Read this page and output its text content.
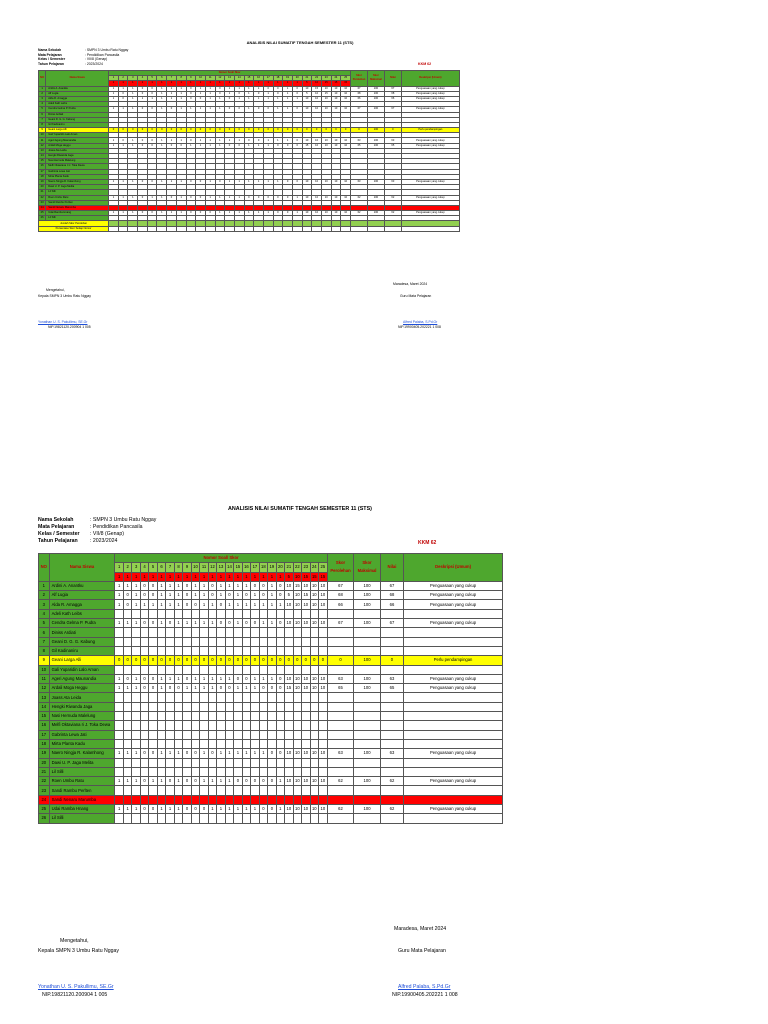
ANALISIS NILAI SUMATIF TENGAH SEMESTER 11 (STS)
Nama Sekolah	: SMPN 3 Umbu Ratu Nggay
Mata Pelajaran	: Pendidikan Pancasila
Kelas / Semester	: VII/8 (Genap)
Tahun Pelajaran	: 2023/2024	KKM 62
NO	Nama Siswa	Nomor Soal/ Skor																									Skor Perolehan	Skor Maksimal	Nilai	Deskripsi (Umum)
		1	2	3	4	5	6	7	8	9	10	11	12	13	14	15	16	17	18	19	20	21	22	23	24	25				
		1	1	1	1	1	1	1	1	1	1	1	1	1	1	1	1	1	1	1	1	5	10	15	15	15				
1	Ardini A. Anantku	1	1	1	0	0	1	1	1	0	1	1	0	1	1	1	1	0	0	1	0	10	15	10	10	10	67	100	67	Penguasaan yang cukup
2	Alf Lugia	1	0	1	0	0	1	1	1	0	1	1	0	1	0	1	0	1	0	1	0	5	10	15	10	10	68	100	68	Penguasaan yang cukup
3	Alda R. Amagga	1	0	1	1	1	1	1	1	0	0	1	1	0	1	1	1	1	1	1	1	10	10	10	10	10	66	100	66	Penguasaan yang cukup
4	Adeli Kath Leibs																													
5	Cendra Gelma P. Pudra	1	1	1	0	0	1	0	1	1	1	1	1	0	0	1	0	0	1	1	0	10	10	10	10	10	67	100	67	Penguasaan yang cukup
6	Diniss Ardiati																													
7	Geani D. G. G. Kabung																													
8	Gil Kadinaniru																													
9	Geani Larga Alli	0	0	0	0	0	0	0	0	0	0	0	0	0	0	0	0	0	0	0	0	0	0	0	0	0	0	100	0	Perlu pendampingan
10	Gali Yuparidin Lalo Aman																													
11	Ageri Agung Maunandia	1	0	1	0	0	1	1	1	0	1	1	1	1	1	0	0	1	1	1	0	10	10	10	10	10	63	100	63	Penguasaan yang cukup
12	Ardali Moga Heggu	1	1	1	0	0	1	0	0	1	1	1	1	0	0	1	1	1	0	0	0	15	10	10	10	10	65	100	65	Penguasaan yang cukup
13	Joass Ata Leida																													
14	Hengki Riwanda Jaga																													
15	Nasi Hernuda Malelung																													
16	Melfi Oktaviana ri J. Toka Dewa																													
17	Gabrinta Lewa Jati																													
18	Mirta Planta Kadu																													
19	Naero Ningja R. Kalamhong	1	1	1	0	0	1	1	1	0	0	1	0	1	1	1	1	1	1	0	0	10	10	10	10	10	63	100	63	Penguasaan yang cukup
20	Dawi U. P. Jaga Melita																													
21	Lil Silli																													
22	Roen Umbu Ratu	1	1	1	0	1	1	0	1	0	0	1	1	1	1	0	0	0	0	0	1	10	10	10	10	10	62	100	62	Penguasaan yang cukup
23	Sandi Rambu Perlten																													
24	Sandi Nenaru Marumba																													
25	Udai Ramba Hnang	1	1	1	0	0	1	1	1	0	0	0	1	1	1	1	1	1	0	0	1	10	10	10	10	10	62	100	62	Penguasaan yang cukup
26	Lil Silli																													
Jumlah Skor Perolehan																														
Persentase Skor Setiap Nomor																														
Maradesa, Maret 2024
Mengetahui,
Kepala SMPN 3 Umbu Ratu Nggay	Guru Mata Pelajaran
Yonathan U. S. Pakullimu, SE.Gr
NIP.19821120.200904 1 005
Alfred Palaba, S.Pd.Gr
NIP.19900405.202221 1 008
ANALISIS NILAI SUMATIF TENGAH SEMESTER 11 (STS)
Nama Sekolah	: SMPN 3 Umbu Ratu Nggay
Mata Pelajaran	: Pendidikan Pancasila
Kelas / Semester	: VII/8 (Genap)
Tahun Pelajaran	: 2023/2024	KKM 62
NO	Nama Siswa	Nomor Soal/ Skor																									Skor Perolehan	Skor Maksimal	Nilai	Deskripsi (Umum)
		1	2	3	4	5	6	7	8	9	10	11	12	13	14	15	16	17	18	19	20	21	22	23	24	25				
		1	1	1	1	1	1	1	1	1	1	1	1	1	1	1	1	1	1	1	1	5	10	15	15	15				
1	Ardini A. Anantku	1	1	1	0	0	1	1	1	0	1	1	0	1	1	1	1	0	0	1	0	10	15	10	10	10	67	100	67	Penguasaan yang cukup
2	Alf Lugia	1	0	1	0	0	1	1	1	0	1	1	0	1	0	1	0	1	0	1	0	5	10	15	10	10	68	100	68	Penguasaan yang cukup
3	Alda R. Amagga	1	0	1	1	1	1	1	1	0	0	1	1	0	1	1	1	1	1	1	1	10	10	10	10	10	66	100	66	Penguasaan yang cukup
4	Adeli Kath Leibs																													
5	Cendra Gelma P. Pudra	1	1	1	0	0	1	0	1	1	1	1	1	0	0	1	0	0	1	1	0	10	10	10	10	10	67	100	67	Penguasaan yang cukup
6	Diniss Ardiati																													
7	Geani D. G. G. Kabung																													
8	Gil Kadinaniru																													
9	Geani Larga Alli	0	0	0	0	0	0	0	0	0	0	0	0	0	0	0	0	0	0	0	0	0	0	0	0	0	0	100	0	Perlu pendampingan
10	Gali Yuparidin Lalo Aman																													
11	Ageri Agung Maunandia	1	0	1	0	0	1	1	1	0	1	1	1	1	1	0	0	1	1	1	0	10	10	10	10	10	63	100	63	Penguasaan yang cukup
12	Ardali Moga Heggu	1	1	1	0	0	1	0	0	1	1	1	1	0	0	1	1	1	0	0	0	15	10	10	10	10	65	100	65	Penguasaan yang cukup
13	Joass Ata Leida																													
14	Hengki Riwanda Jaga																													
15	Nasi Hernuda Malelung																													
16	Melfi Oktaviana ri J. Toka Dewa																													
17	Gabrinta Lewa Jati																													
18	Mirta Planta Kadu																													
19	Naero Ningja R. Kalamhong	1	1	1	0	0	1	1	1	0	0	1	0	1	1	1	1	1	1	0	0	10	10	10	10	10	63	100	63	Penguasaan yang cukup
20	Dawi U. P. Jaga Melita																													
21	Lil Silli																													
22	Roen Umbu Ratu	1	1	1	0	1	1	0	1	0	0	1	1	1	1	0	0	0	0	0	1	10	10	10	10	10	62	100	62	Penguasaan yang cukup
23	Sandi Rambu Perlten																													
24	Sandi Nenaru Marumba																													
25	Udai Ramba Hnang	1	1	1	0	0	1	1	1	0	0	0	1	1	1	1	1	1	0	0	1	10	10	10	10	10	62	100	62	Penguasaan yang cukup
26	Lil Silli																													
Maradesa, Maret 2024
Mengetahui,
Kepala SMPN 3 Umbu Ratu Nggay	Guru Mata Pelajaran
Yonathan U. S. Pakullimu, SE.Gr
NIP.19821120.200904 1 005
Alfred Palaba, S.Pd.Gr
NIP.19900405.202221 1 008
